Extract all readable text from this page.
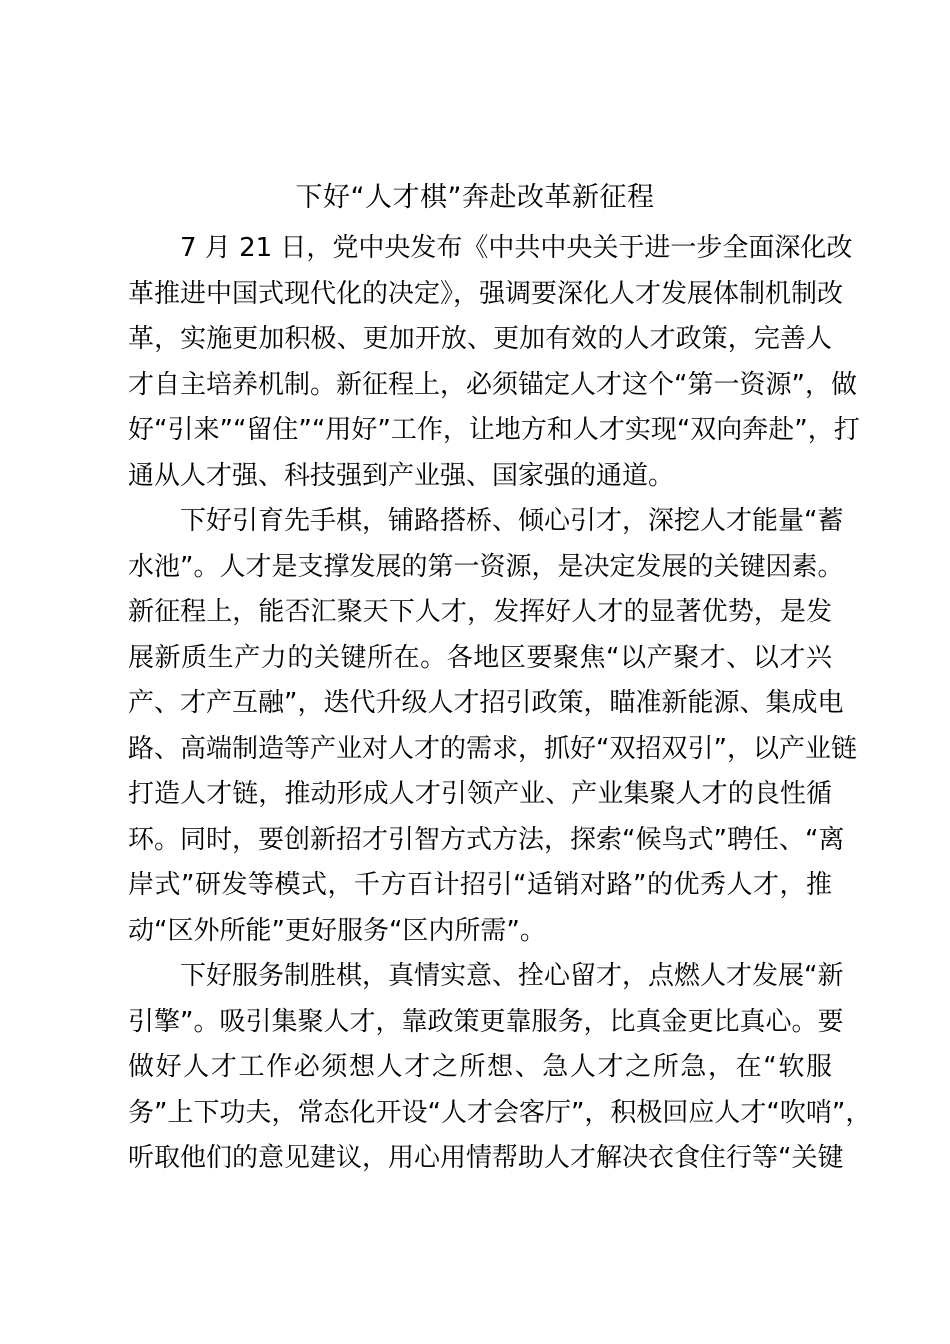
下好“人才棋”奔赴改革新征程
7 月 21 日，党中央发布《中共中央关于进一步全面深化改
革推进中国式现代化的决定》，强调要深化人才发展体制机制改
革，实施更加积极、更加开放、更加有效的人才政策，完善人
才自主培养机制。新征程上，必须锚定人才这个“第一资源”，做
好“引来”“留住”“用好”工作，让地方和人才实现“双向奔赴”，打
通从人才强、科技强到产业强、国家强的通道。
下好引育先手棋，铺路搭桥、倾心引才，深挖人才能量“蓄
水池”。人才是支撑发展的第一资源，是决定发展的关键因素。
新征程上，能否汇聚天下人才，发挥好人才的显著优势，是发
展新质生产力的关键所在。各地区要聚焦“以产聚才、以才兴
产、才产互融”，迭代升级人才招引政策，瞄准新能源、集成电
路、高端制造等产业对人才的需求，抓好“双招双引”，以产业链
打造人才链，推动形成人才引领产业、产业集聚人才的良性循
环。同时，要创新招才引智方式方法，探索“候鸟式”聘任、“离
岸式”研发等模式，千方百计招引“适销对路”的优秀人才，推
动“区外所能”更好服务“区内所需”。
下好服务制胜棋，真情实意、拴心留才，点燃人才发展“新
引擎”。吸引集聚人才，靠政策更靠服务，比真金更比真心。要
做好人才工作必须想人才之所想、急人才之所急，在“软服
务”上下功夫，常态化开设“人才会客厅”，积极回应人才“吹哨”，
听取他们的意见建议，用心用情帮助人才解决衣食住行等“关键
